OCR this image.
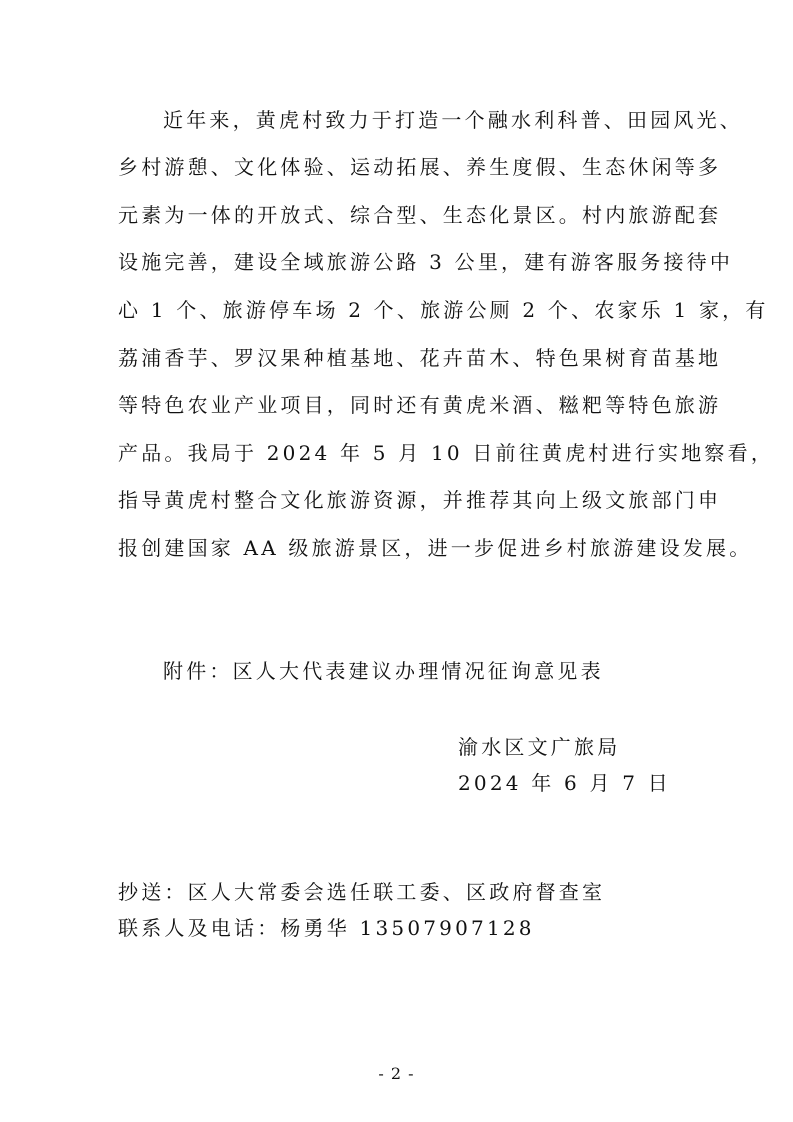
近年来，黄虎村致力于打造一个融水利科普、田园风光、
乡村游憩、文化体验、运动拓展、养生度假、生态休闲等多
元素为一体的开放式、综合型、生态化景区。村内旅游配套
设施完善，建设全域旅游公路 3 公里，建有游客服务接待中
心 1 个、旅游停车场 2 个、旅游公厕 2 个、农家乐 1 家，有
荔浦香芋、罗汉果种植基地、花卉苗木、特色果树育苗基地
等特色农业产业项目，同时还有黄虎米酒、糍粑等特色旅游
产品。我局于 2024 年 5 月 10 日前往黄虎村进行实地察看，
指导黄虎村整合文化旅游资源，并推荐其向上级文旅部门申
报创建国家 AA 级旅游景区，进一步促进乡村旅游建设发展。
附件：区人大代表建议办理情况征询意见表
渝水区文广旅局
2024 年 6 月 7 日
抄送：区人大常委会选任联工委、区政府督查室
联系人及电话：杨勇华 13507907128
- 2 -
